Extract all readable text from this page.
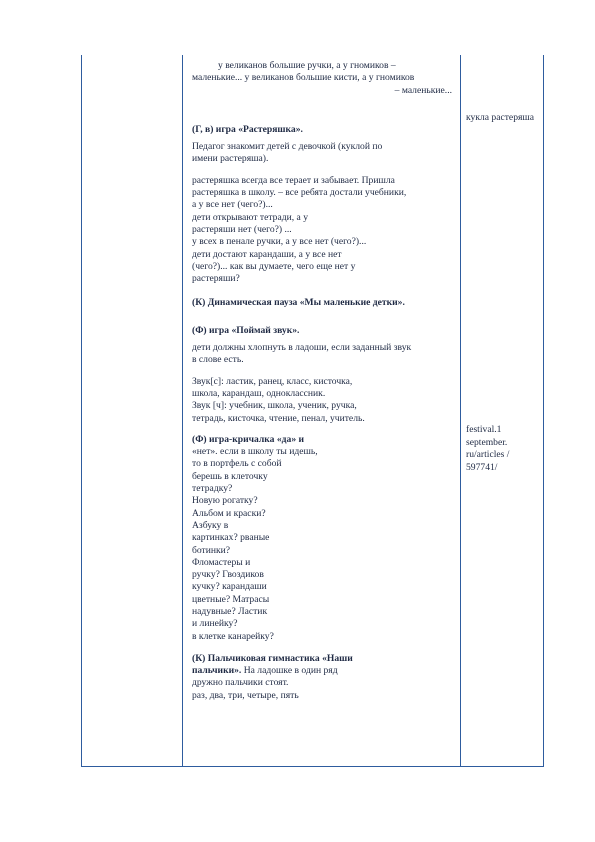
у великанов большие ручки, а у гномиков –

маленькие... у великанов большие кисти, а у гномиков

– маленькие...

(Г, в) игра «Растеряшка».

Педагог знакомит детей с девочкой (куклой по
имени растеряша).

растеряшка всегда все терает и забывает. Пришла
растеряшка в школу. – все ребята достали учебники,
а у все нет (чего?)...
дети открывают тетради, а у
растеряши нет (чего?) ...
у всех в пенале ручки, а у все нет (чего?)...
дети достают карандаши, а у все нет
(чего?)... как вы думаете, чего еще нет у
растеряши?

(К) Динамическая пауза «Мы маленькие детки».

(Ф) игра «Поймай звук».

дети должны хлопнуть в ладоши, если заданный звук
в слове есть.

Звук[с]: ластик, ранец, класс, кисточка,
школа, карандаш, одноклассник.
Звук [ч]: учебник, школа, ученик, ручка,
тетрадь, кисточка, чтение, пенал, учитель.

(Ф) игра-кричалка «да» и

«нет». если в школу ты идешь,
то в портфель с собой
берешь в клеточку
тетрадку?
Новую рогатку?
Альбом и краски?
Азбуку в
картинках? рваные
ботинки?
Фломастеры и
ручку? Гвоздиков
кучку? карандаши
цветные? Матрасы
надувные? Ластик
и линейку?
в клетке канарейку?

(К) Пальчиковая гимнастика «Наши

пальчики». На ладошке в один ряд

дружно пальчики стоят.
раз, два, три, четыре, пять

кукла растеряша
festival.1
september.
ru/articles /
597741/
